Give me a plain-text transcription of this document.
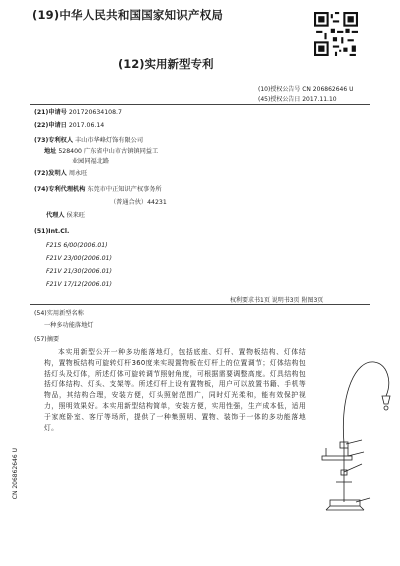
(19)中华人民共和国国家知识产权局
(12)实用新型专利
(10)授权公告号 CN 206862646 U
(45)授权公告日 2017.11.10
(21)申请号 201720634108.7
(22)申请日 2017.06.14
(73)专利权人 丰山市华峰灯饰有限公司
地址 528400 广东省中山市古镇镇同益工
业园同福北路
(72)发明人 周永旺
(74)专利代理机构 东莞市中正知识产权事务所
（普通合伙）44231
代理人 侯来旺
(51)Int.Cl.
F21S 6/00(2006.01)
F21V 23/00(2006.01)
F21V 21/30(2006.01)
F21V 17/12(2006.01)
权利要求书1页 说明书3页 附图3页
(54)实用新型名称
一种多功能落地灯
(57)摘要
本实用新型公开一种多功能落地灯，包括底座、灯杆、置物板结构、灯体结构，置物板结构可旋转灯杆360度来实现置物板在灯杆上的位置调节；灯体结构包括灯头及灯体，所述灯体可旋转调节照射角度，可根据需要调整高度。灯具结构包括灯体结构、灯头、支架等。所述灯杆上设有置物板，用户可以放置书籍、手机等物品，其结构合理，安装方便，灯头照射范围广，同时灯光柔和，能有效保护视力，照明效果好。本实用新型结构简单，安装方便，实用性强，生产成本低，适用于家庭卧室、客厅等场所，提供了一种集照明、置物、装饰于一体的多功能落地灯。
CN 206862646 U
